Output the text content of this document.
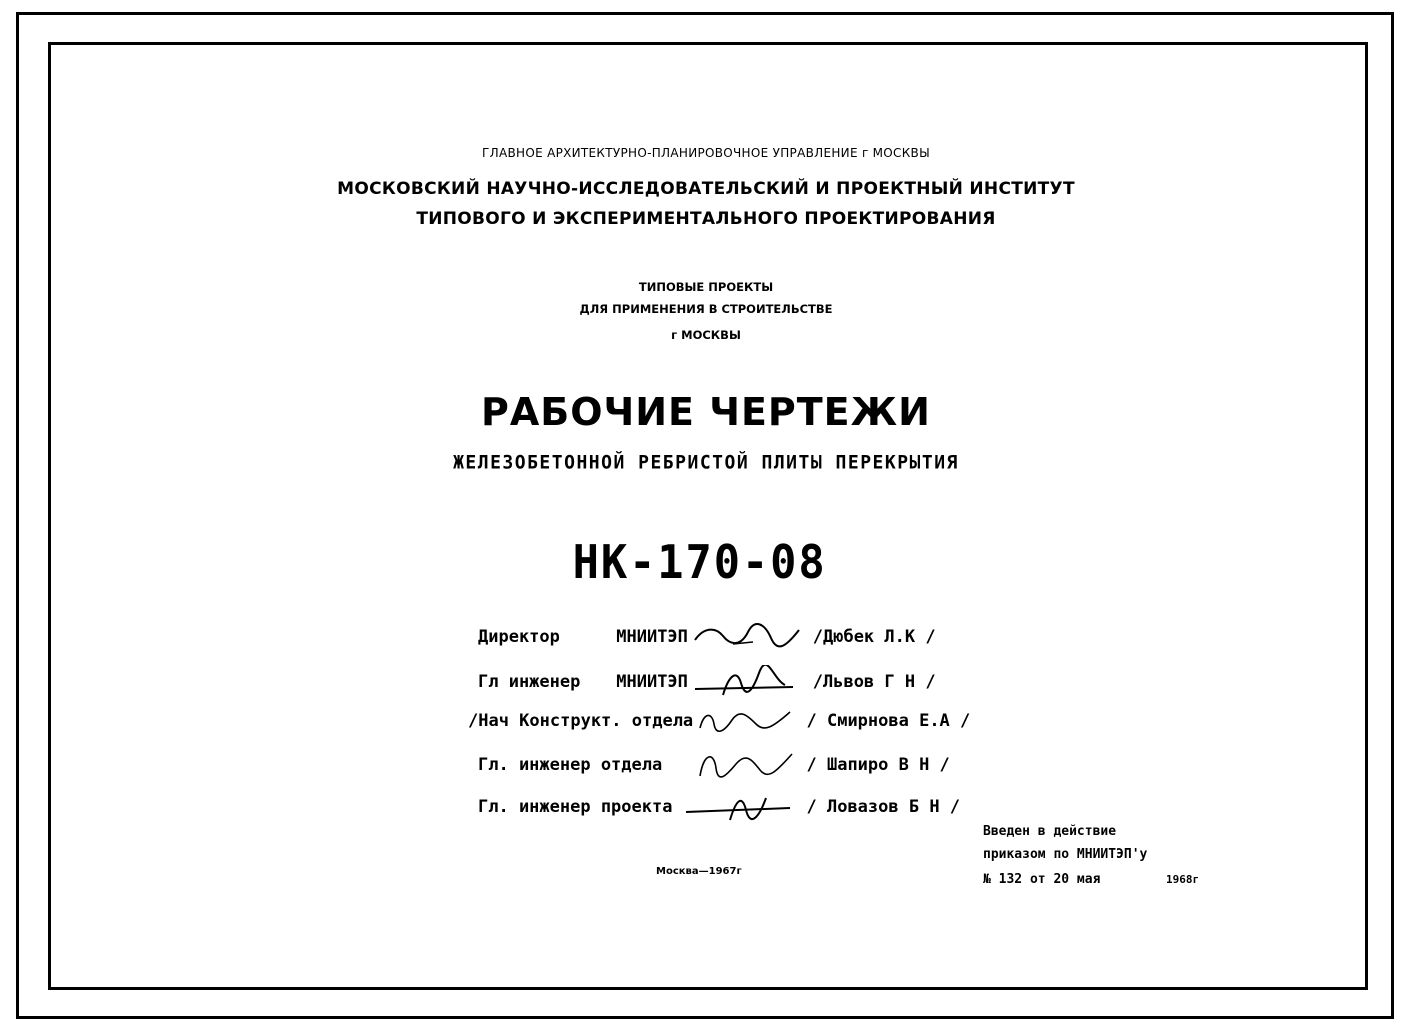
ГЛАВНОЕ АРХИТЕКТУРНО-ПЛАНИРОВОЧНОЕ УПРАВЛЕНИЕ г МОСКВЫ
МОСКОВСКИЙ НАУЧНО-ИССЛЕДОВАТЕЛЬСКИЙ И ПРОЕКТНЫЙ ИНСТИТУТ
ТИПОВОГО И ЭКСПЕРИМЕНТАЛЬНОГО ПРОЕКТИРОВАНИЯ
ТИПОВЫЕ ПРОЕКТЫ
ДЛЯ ПРИМЕНЕНИЯ В СТРОИТЕЛЬСТВЕ
г МОСКВЫ
РАБОЧИЕ ЧЕРТЕЖИ
ЖЕЛЕЗОБЕТОННОЙ РЕБРИСТОЙ ПЛИТЫ ПЕРЕКРЫТИЯ
НК-170-08
Директор	МНИИТЭП	/Дюбек Л.К /
Гл инженер МНИИТЭП	/Львов Г Н /
/Нач Конструкт. отдела	/ Смирнова Е.А /
Гл. инженер отдела	/ Шапиро В Н /
Гл. инженер проекта	/ Ловазов Б Н /
Москва—1967г
Введен в действие
приказом по МНИИТЭП'у
№ 132 от 20 мая	1968г
